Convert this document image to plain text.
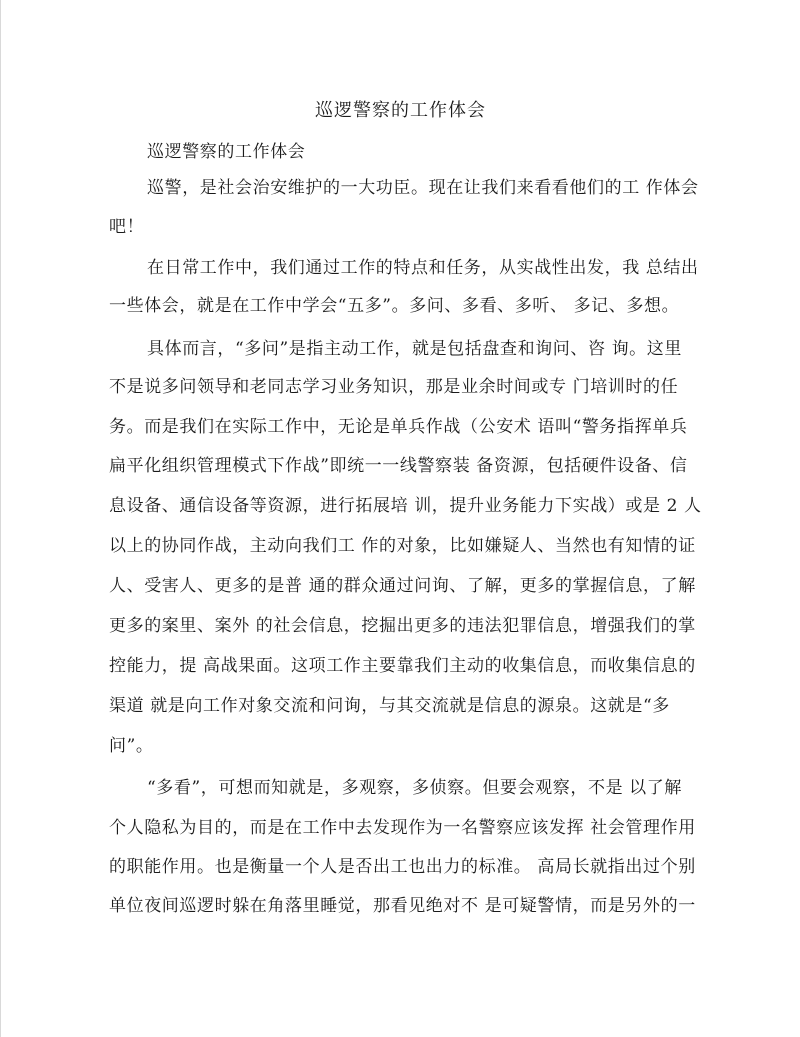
巡逻警察的工作体会
巡逻警察的工作体会
巡警，是社会治安维护的一大功臣。现在让我们来看看他们的工 作体会
吧！
在日常工作中，我们通过工作的特点和任务，从实战性出发，我 总结出
一些体会，就是在工作中学会“五多”。多问、多看、多听、 多记、多想。
具体而言，“多问”是指主动工作，就是包括盘查和询问、咨 询。这里
不是说多问领导和老同志学习业务知识，那是业余时间或专 门培训时的任
务。而是我们在实际工作中，无论是单兵作战（公安术 语叫“警务指挥单兵
扁平化组织管理模式下作战”即统一一线警察装 备资源，包括硬件设备、信
息设备、通信设备等资源，进行拓展培 训，提升业务能力下实战）或是 2 人
以上的协同作战，主动向我们工 作的对象，比如嫌疑人、当然也有知情的证
人、受害人、更多的是普 通的群众通过问询、了解，更多的掌握信息，了解
更多的案里、案外 的社会信息，挖掘出更多的违法犯罪信息，增强我们的掌
控能力，提 高战果面。这项工作主要靠我们主动的收集信息，而收集信息的
渠道 就是向工作对象交流和问询，与其交流就是信息的源泉。这就是“多
问”。
“多看”，可想而知就是，多观察，多侦察。但要会观察，不是 以了解
个人隐私为目的，而是在工作中去发现作为一名警察应该发挥 社会管理作用
的职能作用。也是衡量一个人是否出工也出力的标准。 高局长就指出过个别
单位夜间巡逻时躲在角落里睡觉，那看见绝对不 是可疑警情，而是另外的一
